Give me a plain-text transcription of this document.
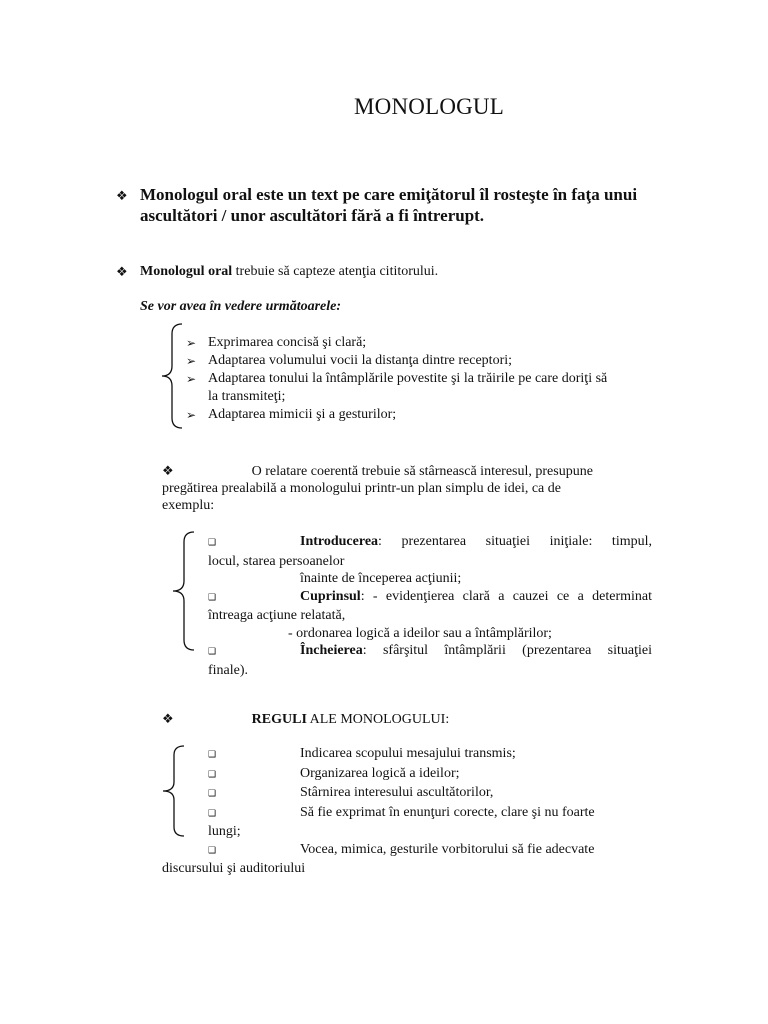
MONOLOGUL
❖ Monologul oral este un text pe care emiţătorul îl rosteşte în faţa unui
ascultători / unor ascultători fără a fi întrerupt.
❖ Monologul oral trebuie să capteze atenţia cititorului.
Se vor avea în vedere următoarele:
➢ Exprimarea concisă şi clară;
➢ Adaptarea volumului vocii la distanţa dintre receptori;
➢ Adaptarea tonului la întâmplările povestite şi la trăirile pe care doriţi să
la transmiteţi;
➢ Adaptarea mimicii şi a gesturilor;
❖	O relatare coerentă trebuie să stârnească interesul, presupune
pregătirea prealabilă a monologului printr-un plan simplu de idei, ca de
exemplu:
❑	Introducerea: prezentarea situaţiei iniţiale: timpul,
locul, starea persoanelor
înainte de începerea acţiunii;
❑	Cuprinsul: - evidenţierea clară a cauzei ce a determinat
întreaga acţiune relatată,
- ordonarea logică a ideilor sau a întâmplărilor;
❑	Încheierea: sfârşitul întâmplării (prezentarea situaţiei
finale).
❖	REGULI ALE MONOLOGULUI:
❑	Indicarea scopului mesajului transmis;
❑	Organizarea logică a ideilor;
❑	Stârnirea interesului ascultătorilor,
❑	Să fie exprimat în enunţuri corecte, clare şi nu foarte
lungi;
❑	Vocea, mimica, gesturile vorbitorului să fie adecvate
discursului şi auditoriului
